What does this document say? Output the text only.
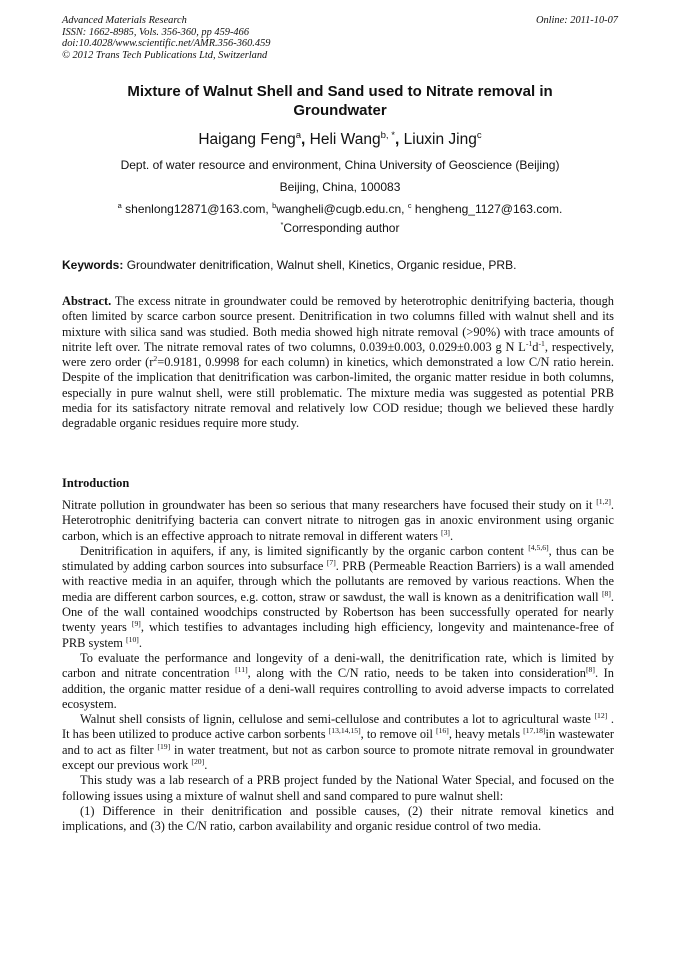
Advanced Materials Research
ISSN: 1662-8985, Vols. 356-360, pp 459-466
doi:10.4028/www.scientific.net/AMR.356-360.459
© 2012 Trans Tech Publications Ltd, Switzerland
Online: 2011-10-07
Mixture of Walnut Shell and Sand used to Nitrate removal in
Groundwater
Haigang Feng$^a$, Heli Wang$^{b, *}$, Liuxin Jing$^c$
Dept. of water resource and environment, China University of Geoscience (Beijing)
Beijing, China, 100083
$^a$ shenlong12871@163.com, $^b$wangheli@cugb.edu.cn, $^c$ hengheng_1127@163.com.
*Corresponding author
Keywords: Groundwater denitrification, Walnut shell, Kinetics, Organic residue, PRB.

Abstract. The excess nitrate in groundwater could be removed by heterotrophic denitrifying bacteria, though often limited by scarce carbon source present. Denitrification in two columns filled with walnut shell and its mixture with silica sand was studied. Both media showed high nitrate removal (>90%) with trace amounts of nitrite left over. The nitrate removal rates of two columns, 0.039±0.003, 0.029±0.003 g N $L^{-1}d^{-1}$, respectively, were zero order ($r^2=0.9181$, 0.9998 for each column) in kinetics, which demonstrated a low C/N ratio herein. Despite of the implication that denitrification was carbon-limited, the organic matter residue in both columns, especially in pure walnut shell, were still problematic. The mixture media was suggested as potential PRB media for its satisfactory nitrate removal and relatively low COD residue; though we believed these hardly degradable organic residues require more study.

Introduction

Nitrate pollution in groundwater has been so serious that many researchers have focused their study on it [1,2]. Heterotrophic denitrifying bacteria can convert nitrate to nitrogen gas in anoxic environment using organic carbon, which is an effective approach to nitrate removal in different waters [3].

Denitrification in aquifers, if any, is limited significantly by the organic carbon content [4,5,6], thus can be stimulated by adding carbon sources into subsurface [7]. PRB (Permeable Reaction Barriers) is a wall amended with reactive media in an aquifer, through which the pollutants are removed by various reactions. When the media are different carbon sources, e.g. cotton, straw or sawdust, the wall is known as a denitrification wall [8]. One of the wall contained woodchips constructed by Robertson has been successfully operated for nearly twenty years [9], which testifies to advantages including high efficiency, longevity and maintenance-free of PRB system [10].

To evaluate the performance and longevity of a deni-wall, the denitrification rate, which is limited by carbon and nitrate concentration [11], along with the C/N ratio, needs to be taken into consideration[8]. In addition, the organic matter residue of a deni-wall requires controlling to avoid adverse impacts to correlated ecosystem.

Walnut shell consists of lignin, cellulose and semi-cellulose and contributes a lot to agricultural waste [12] . It has been utilized to produce active carbon sorbents [13,14,15], to remove oil [16], heavy metals [17,18]in wastewater and to act as filter [19] in water treatment, but not as carbon source to promote nitrate removal in groundwater except our previous work [20].

This study was a lab research of a PRB project funded by the National Water Special, and focused on the following issues using a mixture of walnut shell and sand compared to pure walnut shell:

(1) Difference in their denitrification and possible causes, (2) their nitrate removal kinetics and implications, and (3) the C/N ratio, carbon availability and organic residue control of two media.
